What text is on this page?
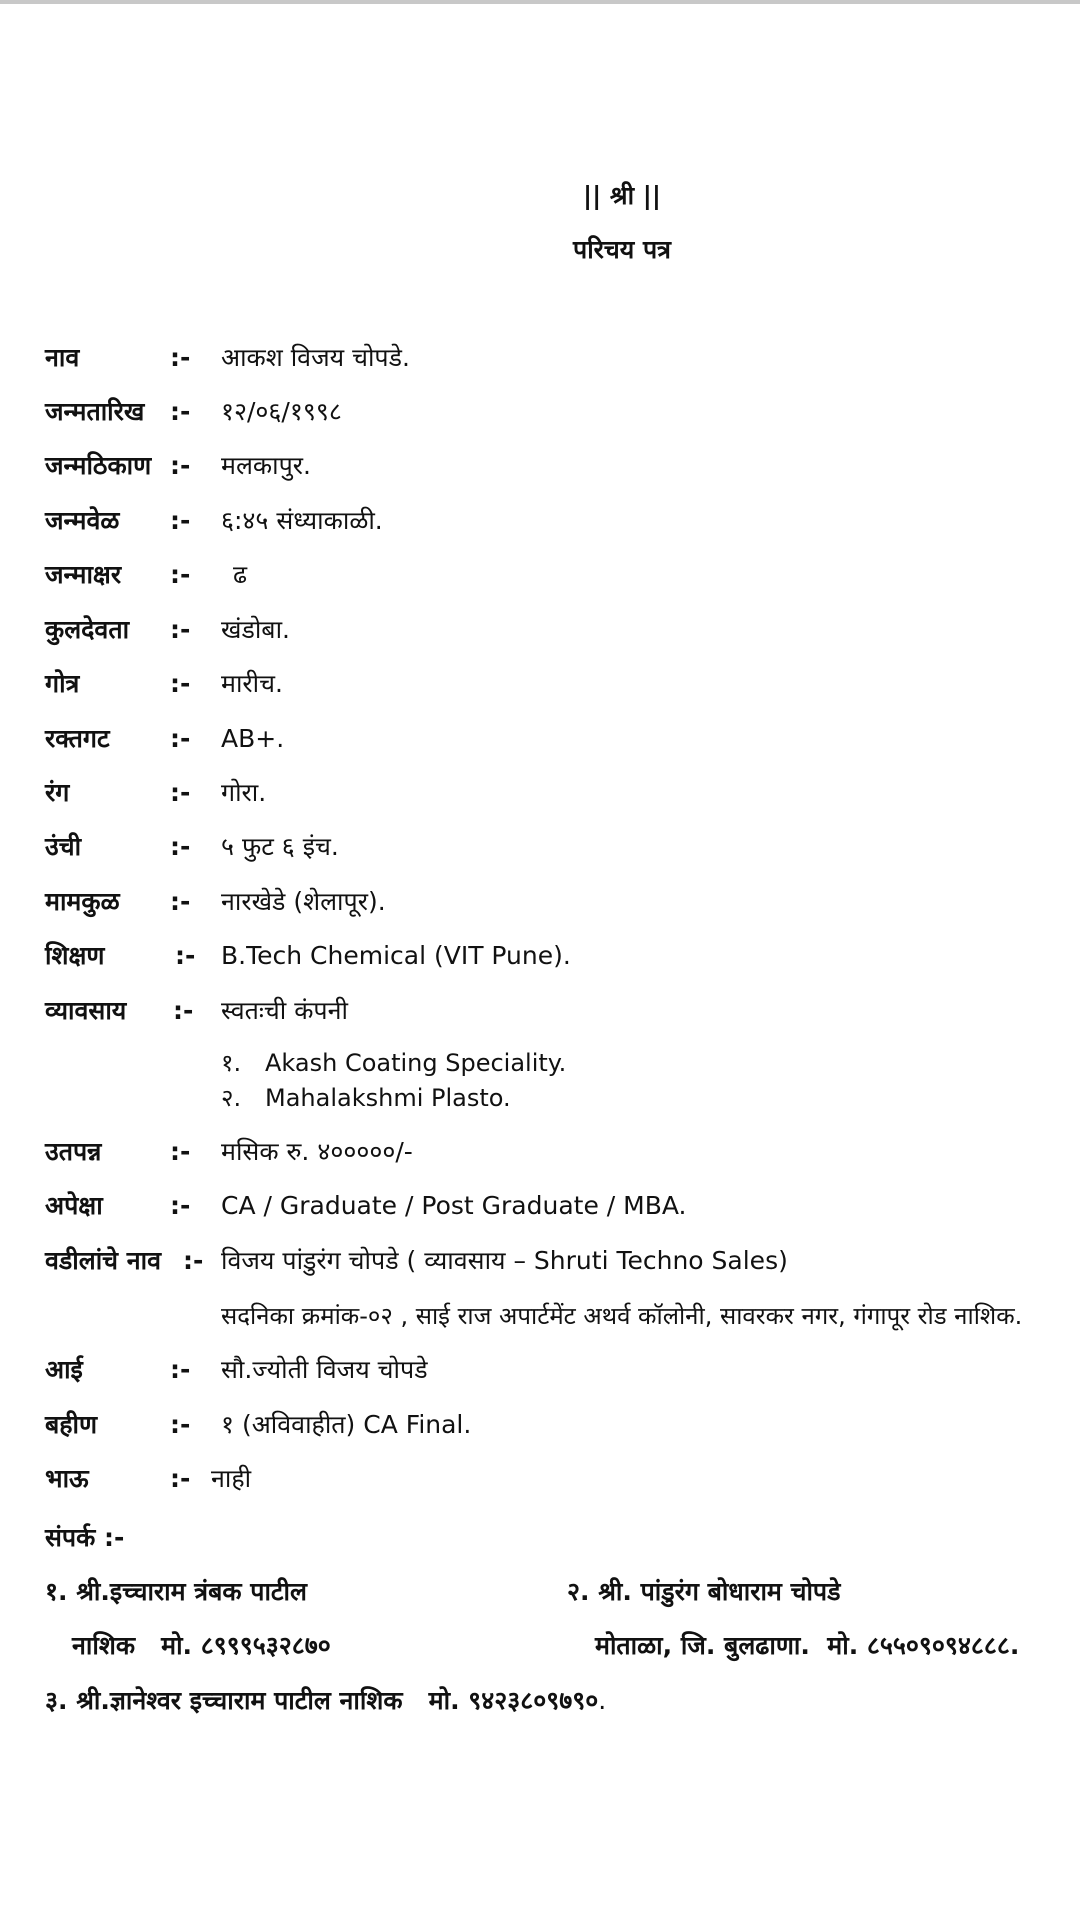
|| श्री ||
परिचय पत्र
नाव	:- आकश विजय चोपडे.
जन्मतारिख :- १२/०६/१९९८
जन्मठिकाण :- मलकापुर.
जन्मवेळ :- ६:४५ संध्याकाळी.
जन्माक्षर :- ढ
कुलदेवता :- खंडोबा.
गोत्र	:- मारीच.
रक्तगट :- AB+.
रंग	:- गोरा.
उंची	:- ५ फुट ६ इंच.
मामकुळ :- नारखेडे (शेलापूर).
शिक्षण	:- B.Tech Chemical (VIT Pune).
व्यावसाय :- स्वतःची कंपनी
१. Akash Coating Speciality.
२. Mahalakshmi Plasto.
उतपन्न	:- मसिक रु. ४०००००/-
अपेक्षा	:- CA / Graduate / Post Graduate / MBA.
वडीलांचे नाव :- विजय पांडुरंग चोपडे ( व्यावसाय – Shruti Techno Sales)
सदनिका क्रमांक-०२ , साई राज अपार्टमेंट अथर्व कॉलोनी, सावरकर नगर, गंगापूर रोड नाशिक.
आई	:- सौ.ज्योती विजय चोपडे
बहीण	:- १ (अविवाहीत) CA Final.
भाऊ	:- नाही
संपर्क :-
१. श्री.इच्चाराम त्रंबक पाटील	२. श्री. पांडुरंग बोधाराम चोपडे
नाशिक   मो. ८९९९५३२८७०	मोताळा, जि. बुलढाणा.  मो. ८५५०९०९४८८८.
३. श्री.ज्ञानेश्वर इच्चाराम पाटील नाशिक   मो. ९४२३८०९७९०.
